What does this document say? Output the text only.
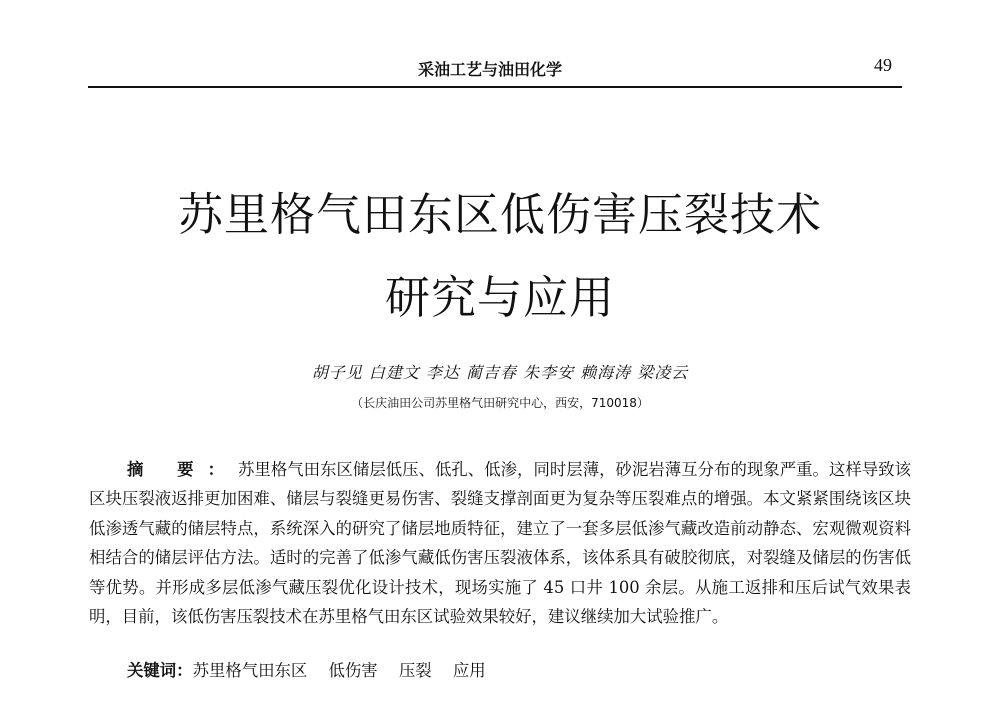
采油工艺与油田化学	49
苏里格气田东区低伤害压裂技术
研究与应用
胡子见 白建文 李达 蔺吉春 朱李安 赖海涛 梁凌云
（长庆油田公司苏里格气田研究中心，西安，710018）
摘 要：苏里格气田东区储层低压、低孔、低渗，同时层薄，砂泥岩薄互分布的现象严重。这样导致该区块压裂液返排更加困难、储层与裂缝更易伤害、裂缝支撑剖面更为复杂等压裂难点的增强。本文紧紧围绕该区块低渗透气藏的储层特点，系统深入的研究了储层地质特征，建立了一套多层低渗气藏改造前动静态、宏观微观资料相结合的储层评估方法。适时的完善了低渗气藏低伤害压裂液体系，该体系具有破胶彻底，对裂缝及储层的伤害低等优势。并形成多层低渗气藏压裂优化设计技术，现场实施了 45 口井 100 余层。从施工返排和压后试气效果表明，目前，该低伤害压裂技术在苏里格气田东区试验效果较好，建议继续加大试验推广。
关键词：苏里格气田东区 低伤害 压裂 应用
